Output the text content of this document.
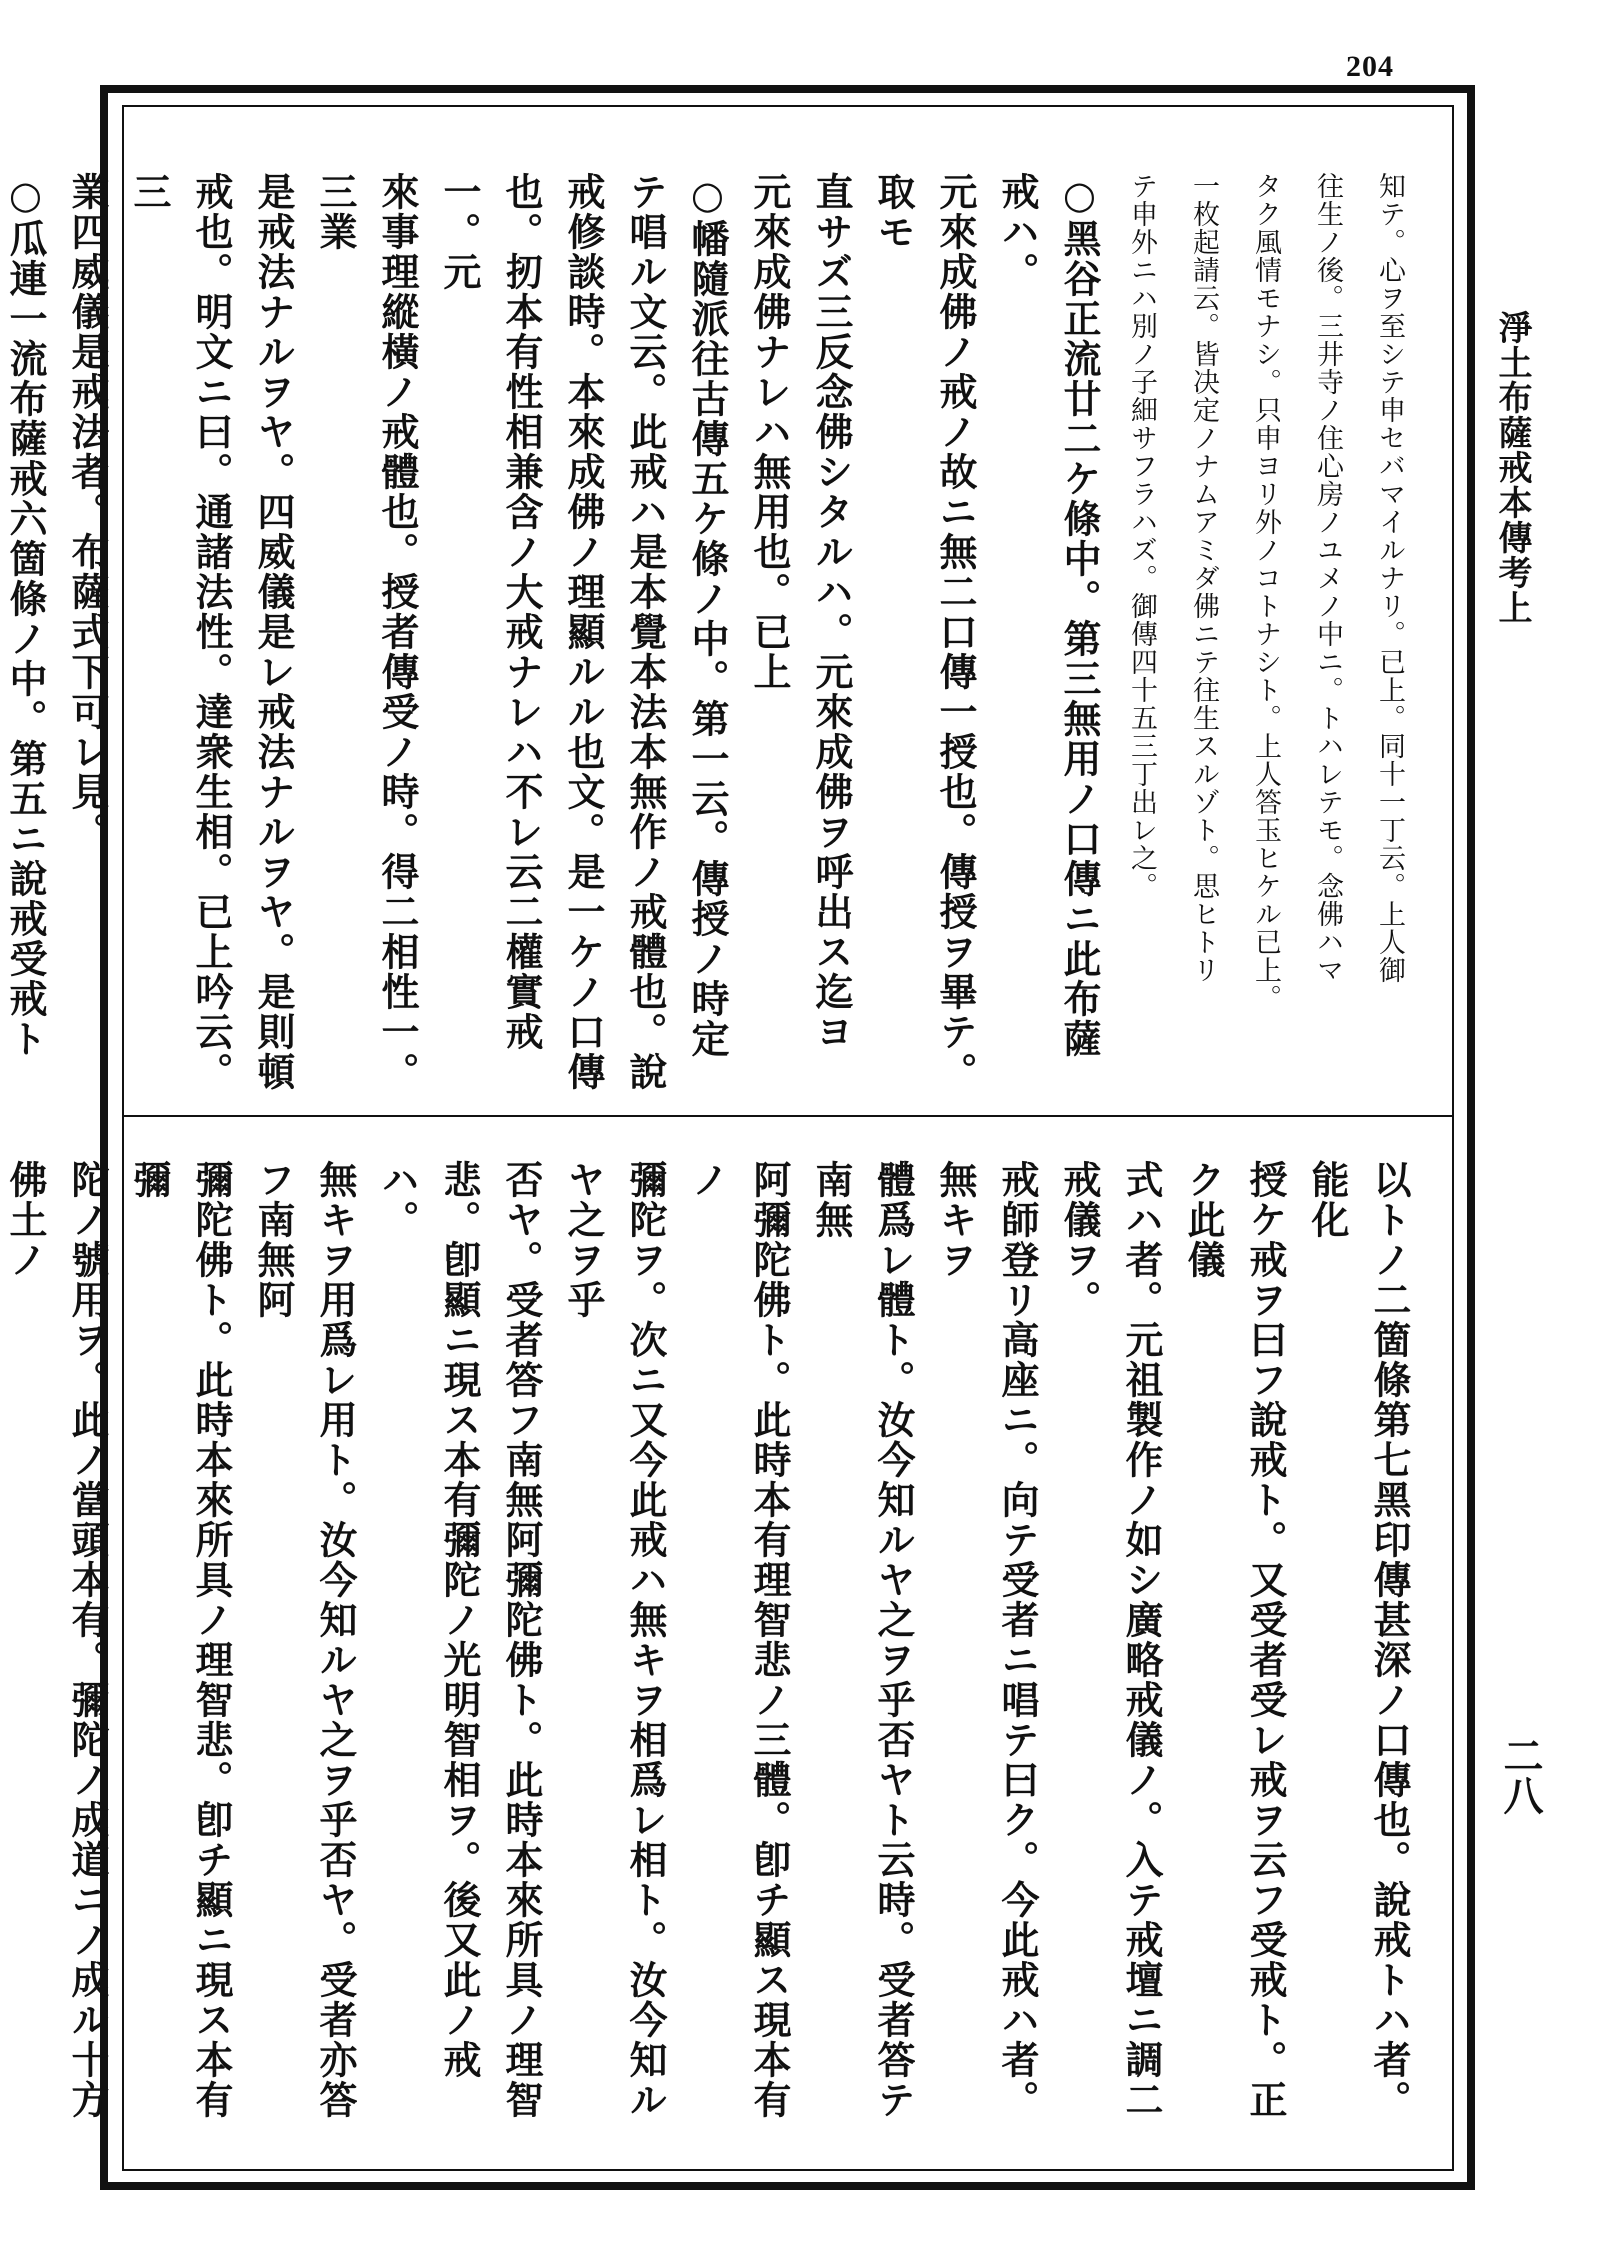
204
淨土布薩戒本傳考上
二八
知テ。心ヲ至シテ申セバマイルナリ。已上。同十一丁云。上人御
往生ノ後。三井寺ノ住心房ノユメノ中ニ。トハレテモ。念佛ハマ
タク風情モナシ。只申ヨリ外ノコトナシト。上人答玉ヒケル已上。
一枚起請云。皆决定ノナムアミダ佛ニテ往生スルゾト。思ヒトリ
テ申外ニハ別ノ子細サフラハズ。御傳四十五三丁出レ之。
○黑谷正流廿二ケ條中。第三無用ノ口傳ニ此布薩戒ハ。
元來成佛ノ戒ノ故ニ無二口傳一授也。傳授ヲ畢テ。取モ
直サズ三反念佛シタルハ。元來成佛ヲ呼出ス迄ヨ
元來成佛ナレハ無用也。已上
○幡隨派往古傳五ケ條ノ中。第一云。傳授ノ時定
テ唱ル文云。此戒ハ是本覺本法本無作ノ戒體也。說
戒修談時。本來成佛ノ理顯ルル也文。是一ケノ口傳
也。扨本有性相兼含ノ大戒ナレハ不レ云二權實戒一。元
來事理縱橫ノ戒體也。授者傳受ノ時。得二相性一。三業
是戒法ナルヲヤ。四威儀是レ戒法ナルヲヤ。是則頓
戒也。明文ニ曰。通諸法性。達衆生相。已上吟云。三
業四威儀是戒法者。布薩式下可レ見。
○瓜連一流布薩戒六箇條ノ中。第五ニ說戒受戒ト
以トノ二箇條第七黑印傳甚深ノ口傳也。說戒トハ者。能化
授ケ戒ヲ曰フ說戒ト。又受者受レ戒ヲ云フ受戒ト。正ク此儀
式ハ者。元祖製作ノ如シ廣略戒儀ノ。入テ戒壇ニ調二戒儀ヲ。
戒師登リ高座ニ。向テ受者ニ唱テ曰ク。今此戒ハ者。無キヲ
體爲レ體ト。汝今知ルヤ之ヲ乎否ヤト云時。受者答テ南無
阿彌陀佛ト。此時本有理智悲ノ三體。卽チ顯ス現本有ノ
彌陀ヲ。次ニ又今此戒ハ無キヲ相爲レ相ト。汝今知ルヤ之ヲ乎
否ヤ。受者答フ南無阿彌陀佛ト。此時本來所具ノ理智
悲。卽顯ニ現ス本有彌陀ノ光明智相ヲ。後又此ノ戒ハ。
無キヲ用爲レ用ト。汝今知ルヤ之ヲ乎否ヤ。受者亦答フ南無阿
彌陀佛ト。此時本來所具ノ理智悲。卽チ顯ニ現ス本有彌
陀ノ號用ヲ。此ノ當頭本有。彌陀ノ成道ニノ成ル十方佛土ノ
